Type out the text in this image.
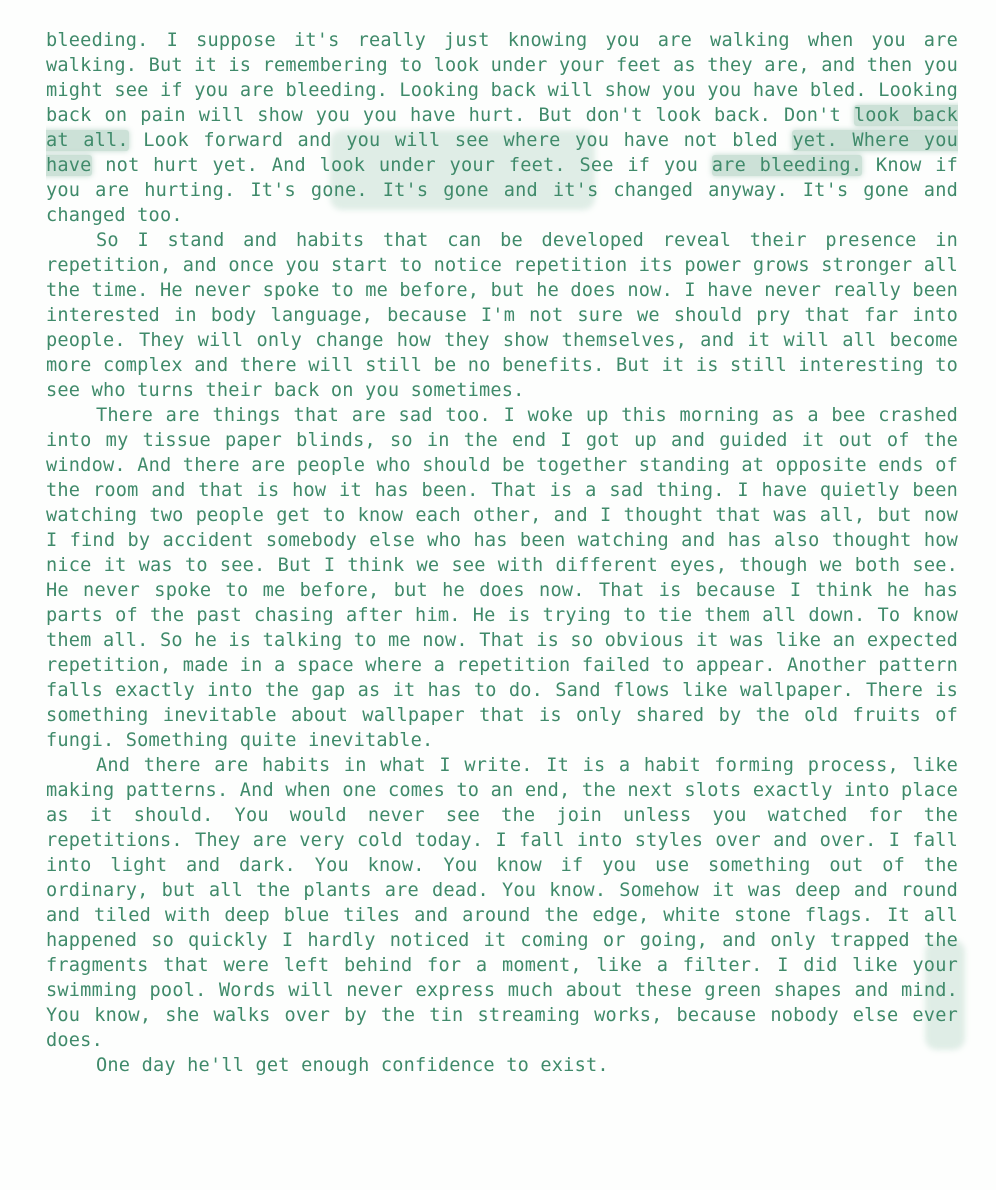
bleeding. I suppose it's really just knowing you are walking when you are walking. But it is remembering to look under your feet as they are, and then you might see if you are bleeding. Looking back will show you you have bled. Looking back on pain will show you you have hurt. But don't look back. Don't look back at all. Look forward and you will see where you have not bled yet. Where you have not hurt yet. And look under your feet. See if you are bleeding. Know if you are hurting. It's gone. It's gone and it's changed anyway. It's gone and changed too.

So I stand and habits that can be developed reveal their presence in repetition, and once you start to notice repetition its power grows stronger all the time. He never spoke to me before, but he does now. I have never really been interested in body language, because I'm not sure we should pry that far into people. They will only change how they show themselves, and it will all become more complex and there will still be no benefits. But it is still interesting to see who turns their back on you sometimes.

There are things that are sad too. I woke up this morning as a bee crashed into my tissue paper blinds, so in the end I got up and guided it out of the window. And there are people who should be together standing at opposite ends of the room and that is how it has been. That is a sad thing. I have quietly been watching two people get to know each other, and I thought that was all, but now I find by accident somebody else who has been watching and has also thought how nice it was to see. But I think we see with different eyes, though we both see. He never spoke to me before, but he does now. That is because I think he has parts of the past chasing after him. He is trying to tie them all down. To know them all. So he is talking to me now. That is so obvious it was like an expected repetition, made in a space where a repetition failed to appear. Another pattern falls exactly into the gap as it has to do. Sand flows like wallpaper. There is something inevitable about wallpaper that is only shared by the old fruits of fungi. Something quite inevitable.

And there are habits in what I write. It is a habit forming process, like making patterns. And when one comes to an end, the next slots exactly into place as it should. You would never see the join unless you watched for the repetitions. They are very cold today. I fall into styles over and over. I fall into light and dark. You know. You know if you use something out of the ordinary, but all the plants are dead. You know. Somehow it was deep and round and tiled with deep blue tiles and around the edge, white stone flags. It all happened so quickly I hardly noticed it coming or going, and only trapped the fragments that were left behind for a moment, like a filter. I did like your swimming pool. Words will never express much about these green shapes and mind. You know, she walks over by the tin streaming works, because nobody else ever does.

One day he'll get enough confidence to exist.
